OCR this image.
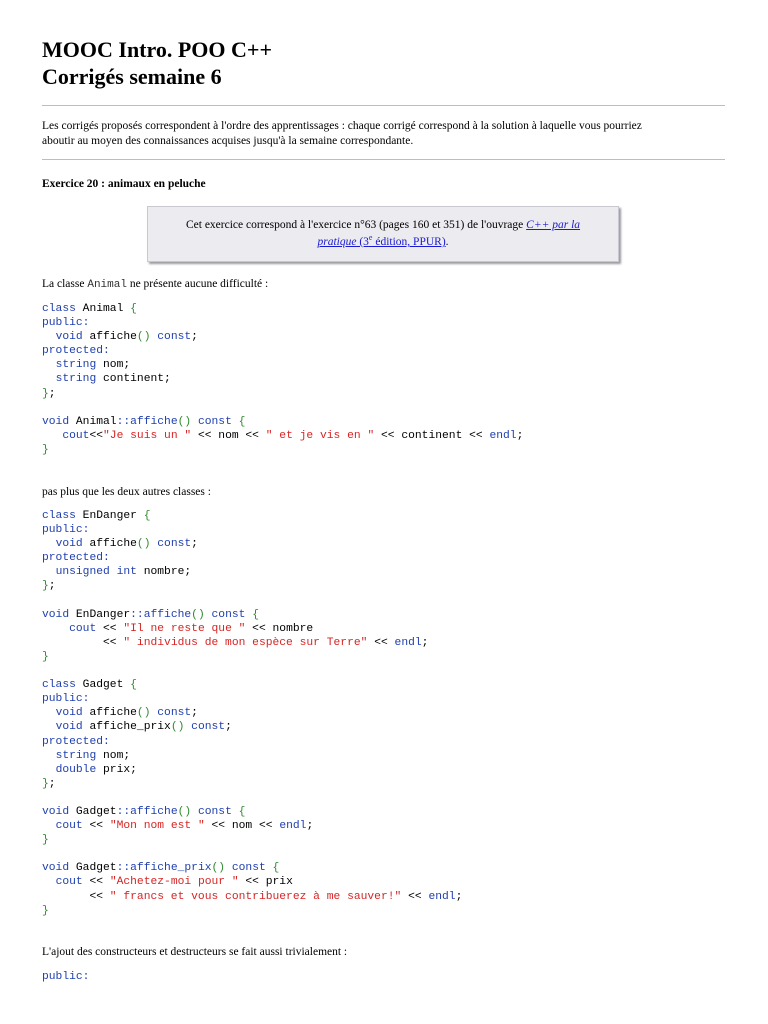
MOOC Intro. POO C++
Corrigés semaine 6
Les corrigés proposés correspondent à l'ordre des apprentissages : chaque corrigé correspond à la solution à laquelle vous pourriez
aboutir au moyen des connaissances acquises jusqu'à la semaine correspondante.
Exercice 20 : animaux en peluche
Cet exercice correspond à l'exercice n°63 (pages 160 et 351) de l'ouvrage C++ par la
pratique (3e édition, PPUR).
La classe Animal ne présente aucune difficulté :
class Animal {
public:
void affiche() const;
protected:
string nom;
string continent;
};
void Animal::affiche() const {
cout<<"Je suis un " << nom << " et je vis en " << continent << endl;
}
pas plus que les deux autres classes :
class EnDanger {
public:
void affiche() const;
protected:
unsigned int nombre;
};
void EnDanger::affiche() const {
cout << "Il ne reste que " << nombre
<< " individus de mon espèce sur Terre" << endl;
}
class Gadget {
public:
void affiche() const;
void affiche_prix() const;
protected:
string nom;
double prix;
};
void Gadget::affiche() const {
cout << "Mon nom est " << nom << endl;
}
void Gadget::affiche_prix() const {
cout << "Achetez-moi pour " << prix
<< " francs et vous contribuerez à me sauver!" << endl;
}
L'ajout des constructeurs et destructeurs se fait aussi trivialement :
public:
